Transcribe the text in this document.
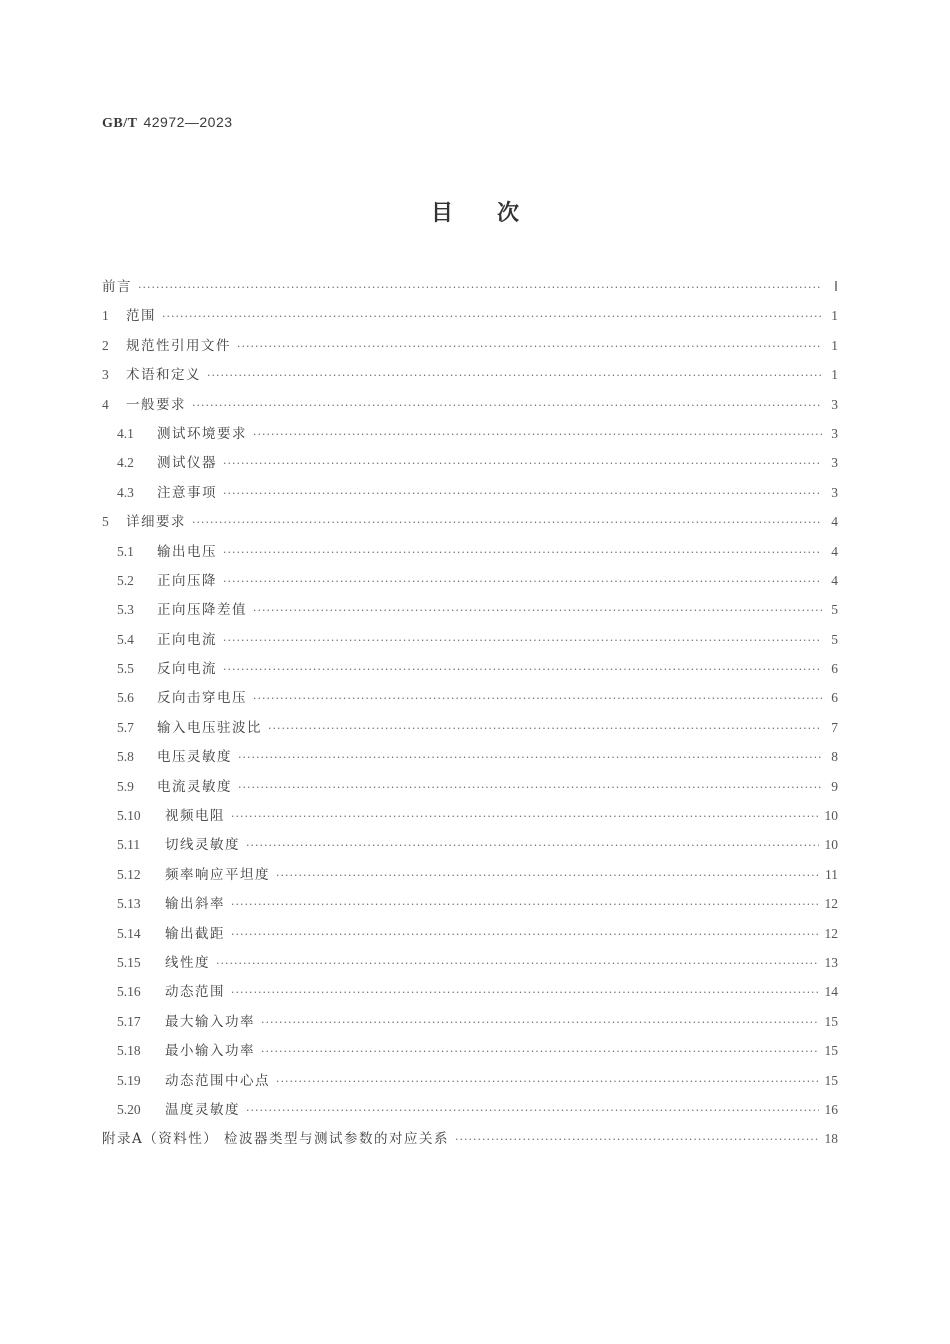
GB/T 42972—2023
目次
前言 ·····	Ⅰ
1	范围 ·····	1
2	规范性引用文件 ·····	1
3	术语和定义 ·····	1
4	一般要求 ·····	3
4.1	测试环境要求 ·····	3
4.2	测试仪器 ·····	3
4.3	注意事项 ·····	3
5	详细要求 ·····	4
5.1	输出电压 ·····	4
5.2	正向压降 ·····	4
5.3	正向压降差值 ·····	5
5.4	正向电流 ·····	5
5.5	反向电流 ·····	6
5.6	反向击穿电压 ·····	6
5.7	输入电压驻波比 ·····	7
5.8	电压灵敏度 ·····	8
5.9	电流灵敏度 ·····	9
5.10	视频电阻 ·····	10
5.11	切线灵敏度 ·····	10
5.12	频率响应平坦度 ·····	11
5.13	输出斜率 ·····	12
5.14	输出截距 ·····	12
5.15	线性度 ·····	13
5.16	动态范围 ·····	14
5.17	最大输入功率 ·····	15
5.18	最小输入功率 ·····	15
5.19	动态范围中心点 ·····	15
5.20	温度灵敏度 ·····	16
附录A（资料性） 检波器类型与测试参数的对应关系 ·····	18
